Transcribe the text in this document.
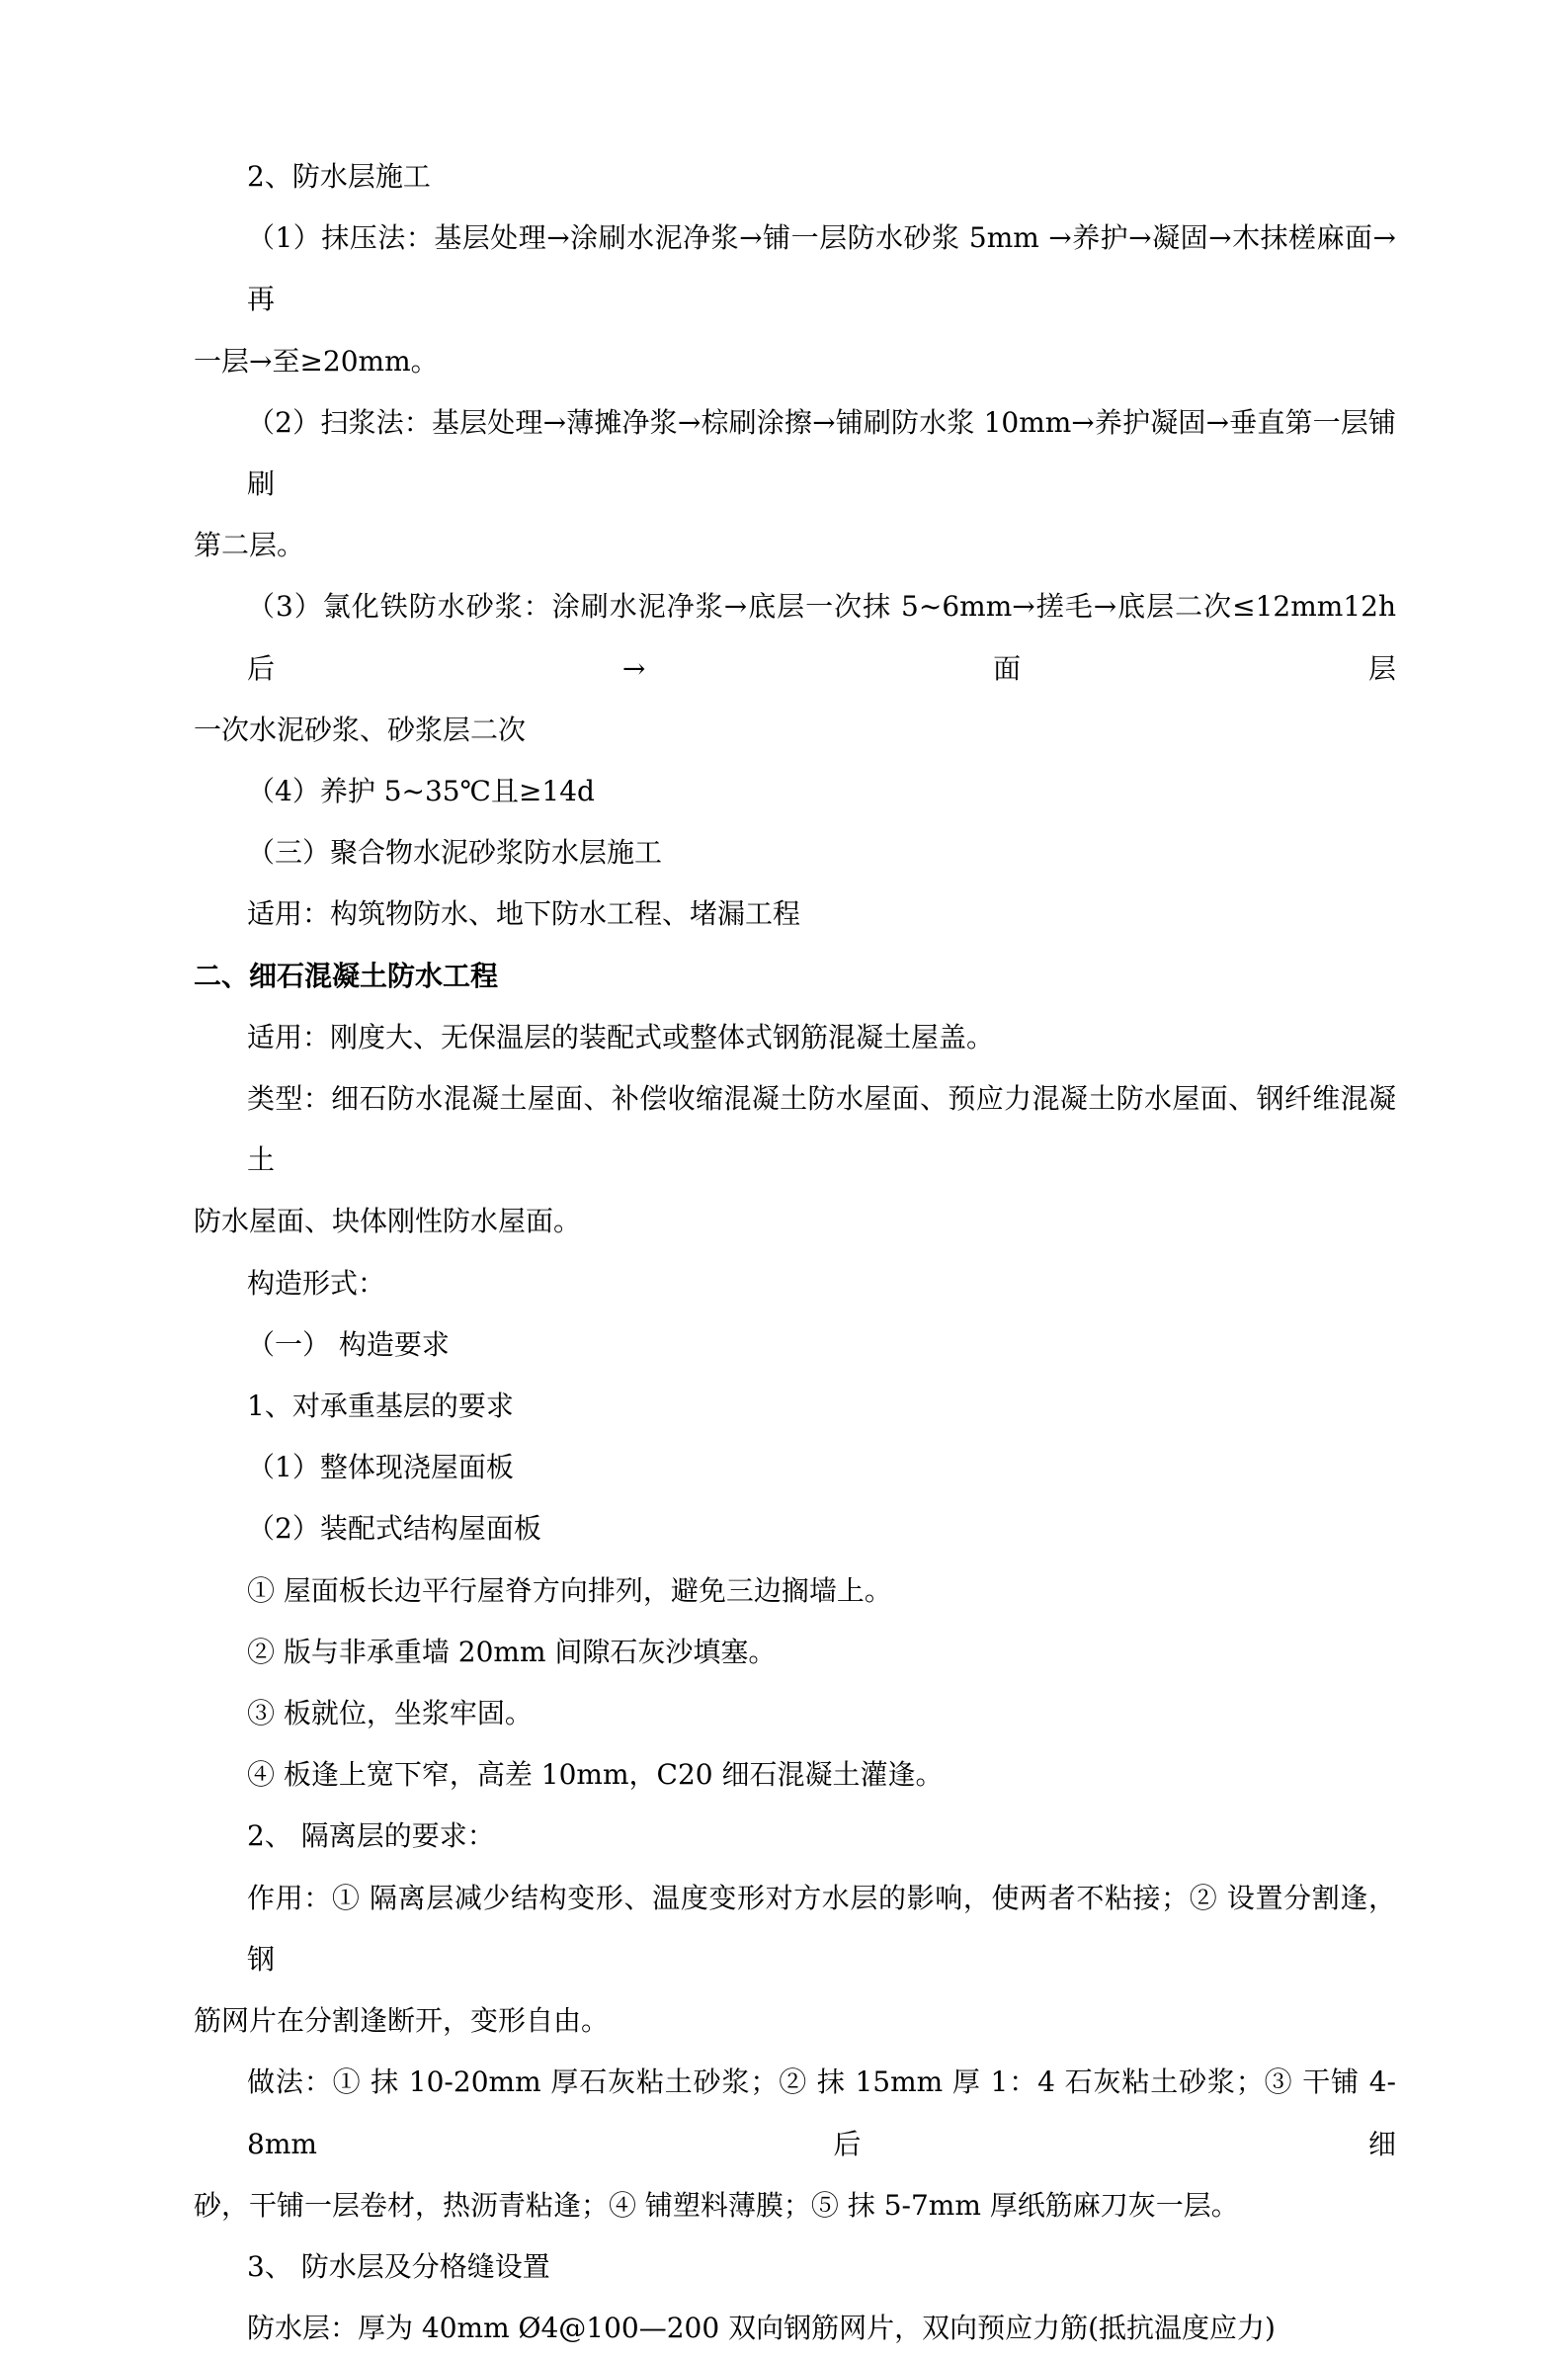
2、防水层施工
（1）抹压法：基层处理→涂刷水泥净浆→铺一层防水砂浆 5mm →养护→凝固→木抹槎麻面→再
一层→至≥20mm。
（2）扫浆法：基层处理→薄摊净浆→棕刷涂擦→铺刷防水浆 10mm→养护凝固→垂直第一层铺刷
第二层。
（3）氯化铁防水砂浆：涂刷水泥净浆→底层一次抹 5~6mm→搓毛→底层二次≤12mm12h 后→面层
一次水泥砂浆、砂浆层二次
（4）养护 5~35℃且≥14d
（三）聚合物水泥砂浆防水层施工
适用：构筑物防水、地下防水工程、堵漏工程
二、细石混凝土防水工程
适用：刚度大、无保温层的装配式或整体式钢筋混凝土屋盖。
类型：细石防水混凝土屋面、补偿收缩混凝土防水屋面、预应力混凝土防水屋面、钢纤维混凝土
防水屋面、块体刚性防水屋面。
构造形式：
（一） 构造要求
1、对承重基层的要求
（1）整体现浇屋面板
（2）装配式结构屋面板
① 屋面板长边平行屋脊方向排列，避免三边搁墙上。
② 版与非承重墙 20mm 间隙石灰沙填塞。
③ 板就位，坐浆牢固。
④ 板逢上宽下窄，高差 10mm，C20 细石混凝土灌逢。
2、 隔离层的要求：
作用：① 隔离层减少结构变形、温度变形对方水层的影响，使两者不粘接；② 设置分割逢，钢
筋网片在分割逢断开，变形自由。
做法：① 抹 10-20mm 厚石灰粘土砂浆；② 抹 15mm 厚 1：4 石灰粘土砂浆；③ 干铺 4-8mm 后细
砂，干铺一层卷材，热沥青粘逢；④ 铺塑料薄膜；⑤ 抹 5-7mm 厚纸筋麻刀灰一层。
3、 防水层及分格缝设置
防水层：厚为 40mm Ø4@100—200 双向钢筋网片，双向预应力筋(抵抗温度应力)
